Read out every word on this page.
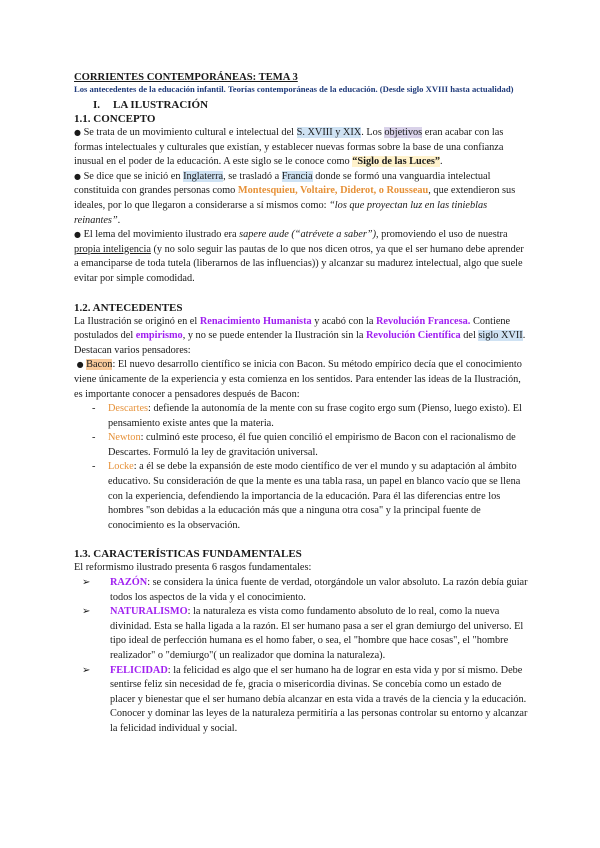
CORRIENTES CONTEMPORÁNEAS: TEMA 3

Los antecedentes de la educación infantil. Teorías contemporáneas de la educación. (Desde siglo XVIII hasta actualidad)

I. LA ILUSTRACIÓN

1.1. CONCEPTO

● Se trata de un movimiento cultural e intelectual del S. XVIII y XIX. Los objetivos eran acabar con las formas intelectuales y culturales que existían, y establecer nuevas formas sobre la base de una confianza inusual en el poder de la educación. A este siglo se le conoce como “Siglo de las Luces”.

● Se dice que se inició en Inglaterra, se trasladó a Francia donde se formó una vanguardia intelectual constituida con grandes personas como Montesquieu, Voltaire, Diderot, o Rousseau, que extendieron sus ideales, por lo que llegaron a considerarse a sí mismos como: “los que proyectan luz en las tinieblas reinantes”.

● El lema del movimiento ilustrado era sapere aude (“atrévete a saber”), promoviendo el uso de nuestra propia inteligencia (y no solo seguir las pautas de lo que nos dicen otros, ya que el ser humano debe aprender a emanciparse de toda tutela (liberarnos de las influencias)) y alcanzar su madurez intelectual, algo que suele evitar por simple comodidad.

1.2. ANTECEDENTES

La Ilustración se originó en el Renacimiento Humanista y acabó con la Revolución Francesa. Contiene postulados del empirismo, y no se puede entender la Ilustración sin la Revolución Científica del siglo XVII. Destacan varios pensadores:

● Bacon: El nuevo desarrollo científico se inicia con Bacon. Su método empírico decía que el conocimiento viene únicamente de la experiencia y esta comienza en los sentidos. Para entender las ideas de la Ilustración, es importante conocer a pensadores después de Bacon:

- Descartes: defiende la autonomía de la mente con su frase cogito ergo sum (Pienso, luego existo). El pensamiento existe antes que la materia.

- Newton: culminó este proceso, él fue quien concilió el empirismo de Bacon con el racionalismo de Descartes. Formuló la ley de gravitación universal.

- Locke: a él se debe la expansión de este modo científico de ver el mundo y su adaptación al ámbito educativo. Su consideración de que la mente es una tabla rasa, un papel en blanco vacío que se llena con la experiencia, defendiendo la importancia de la educación. Para él las diferencias entre los hombres "son debidas a la educación más que a ninguna otra cosa" y la principal fuente de conocimiento es la observación.

1.3. CARACTERÍSTICAS FUNDAMENTALES

El reformismo ilustrado presenta 6 rasgos fundamentales:

➢ RAZÓN: se considera la única fuente de verdad, otorgándole un valor absoluto. La razón debía guiar todos los aspectos de la vida y el conocimiento.

➢ NATURALISMO: la naturaleza es vista como fundamento absoluto de lo real, como la nueva divinidad. Esta se halla ligada a la razón. El ser humano pasa a ser el gran demiurgo del universo. El tipo ideal de perfección humana es el homo faber, o sea, el "hombre que hace cosas", el "hombre realizador" o "demiurgo"( un realizador que domina la naturaleza).

➢ FELICIDAD: la felicidad es algo que el ser humano ha de lograr en esta vida y por sí mismo. Debe sentirse feliz sin necesidad de fe, gracia o misericordia divinas. Se concebía como un estado de placer y bienestar que el ser humano debía alcanzar en esta vida a través de la ciencia y la educación. Conocer y dominar las leyes de la naturaleza permitiría a las personas controlar su entorno y alcanzar la felicidad individual y social.
